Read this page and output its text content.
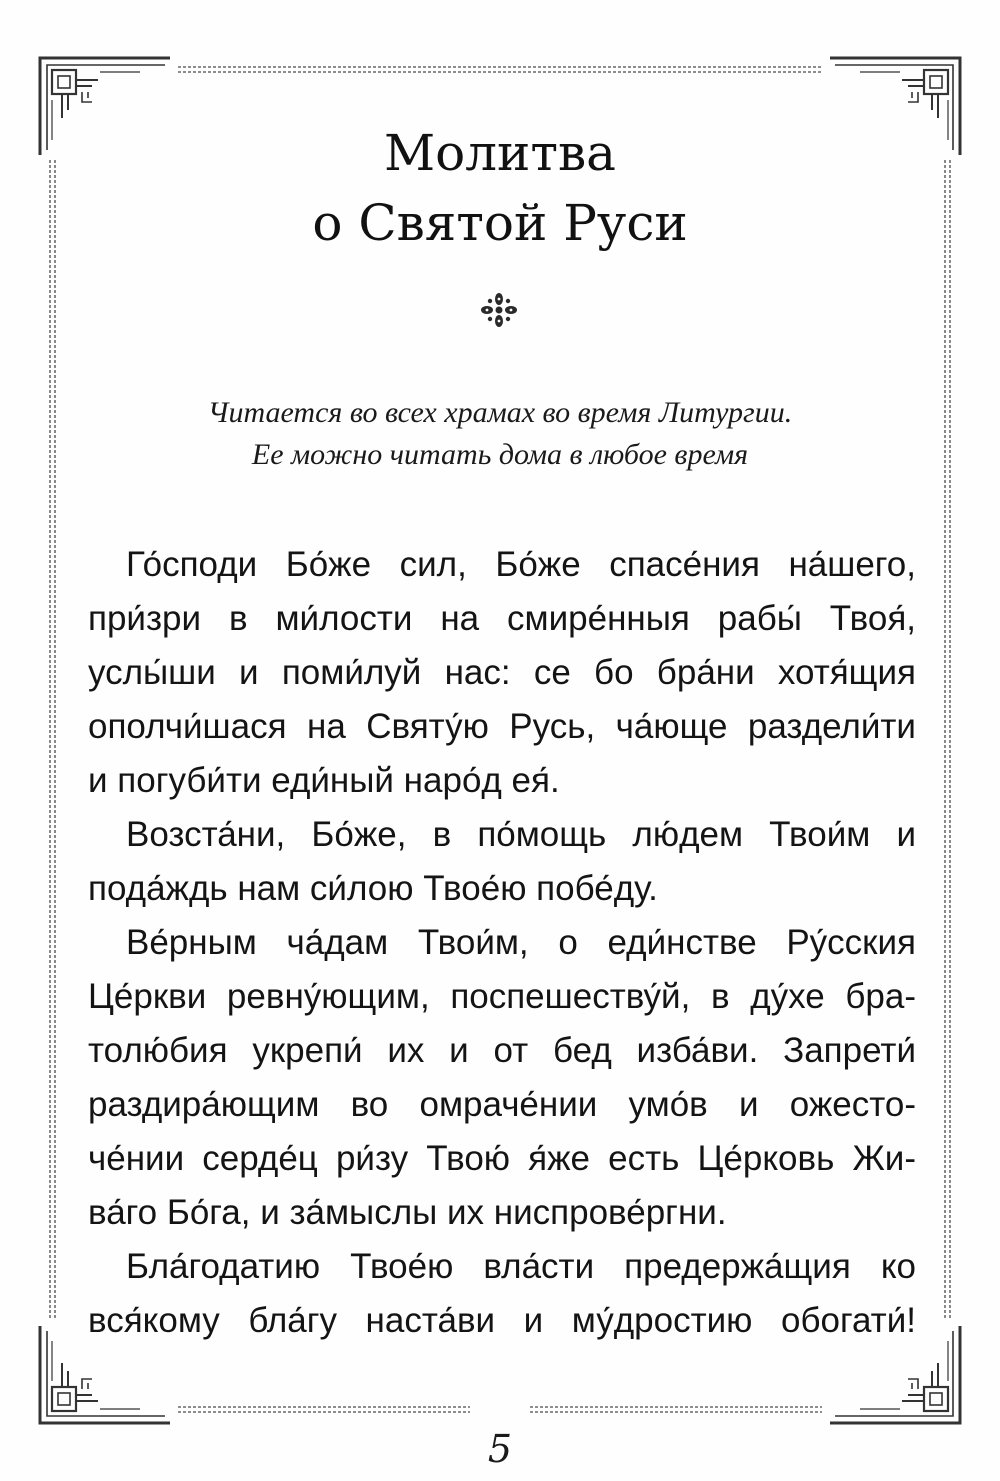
Молитва
о Святой Руси
Читается во всех храмах во время Литургии.
Ее можно читать дома в любое время
Го́споди Бо́же сил, Бо́же спасе́ния на́шего,
при́зри в ми́лости на смире́нныя рабы́ Твоя́,
услы́ши и поми́луй нас: се бо бра́ни хотя́щия
ополчи́шася на Святу́ю Русь, ча́юще раздели́ти
и погуби́ти еди́ный наро́д ея́.
Возста́ни, Бо́же, в по́мощь лю́дем Твои́м и
пода́ждь нам си́лою Твое́ю побе́ду.
Ве́рным ча́дам Твои́м, о еди́нстве Ру́сския
Це́ркви ревну́ющим, поспешеству́й, в ду́хе бра-
толю́бия укрепи́ их и от бед изба́ви. Запрети́
раздира́ющим во омраче́нии умо́в и ожесто-
че́нии серде́ц ри́зу Твою́ я́же есть Це́рковь Жи-
ва́го Бо́га, и за́мыслы их ниспрове́ргни.
Бла́годатию Твое́ю вла́сти предержа́щия ко
вся́кому бла́гу наста́ви и му́дростию обогати́!
5
